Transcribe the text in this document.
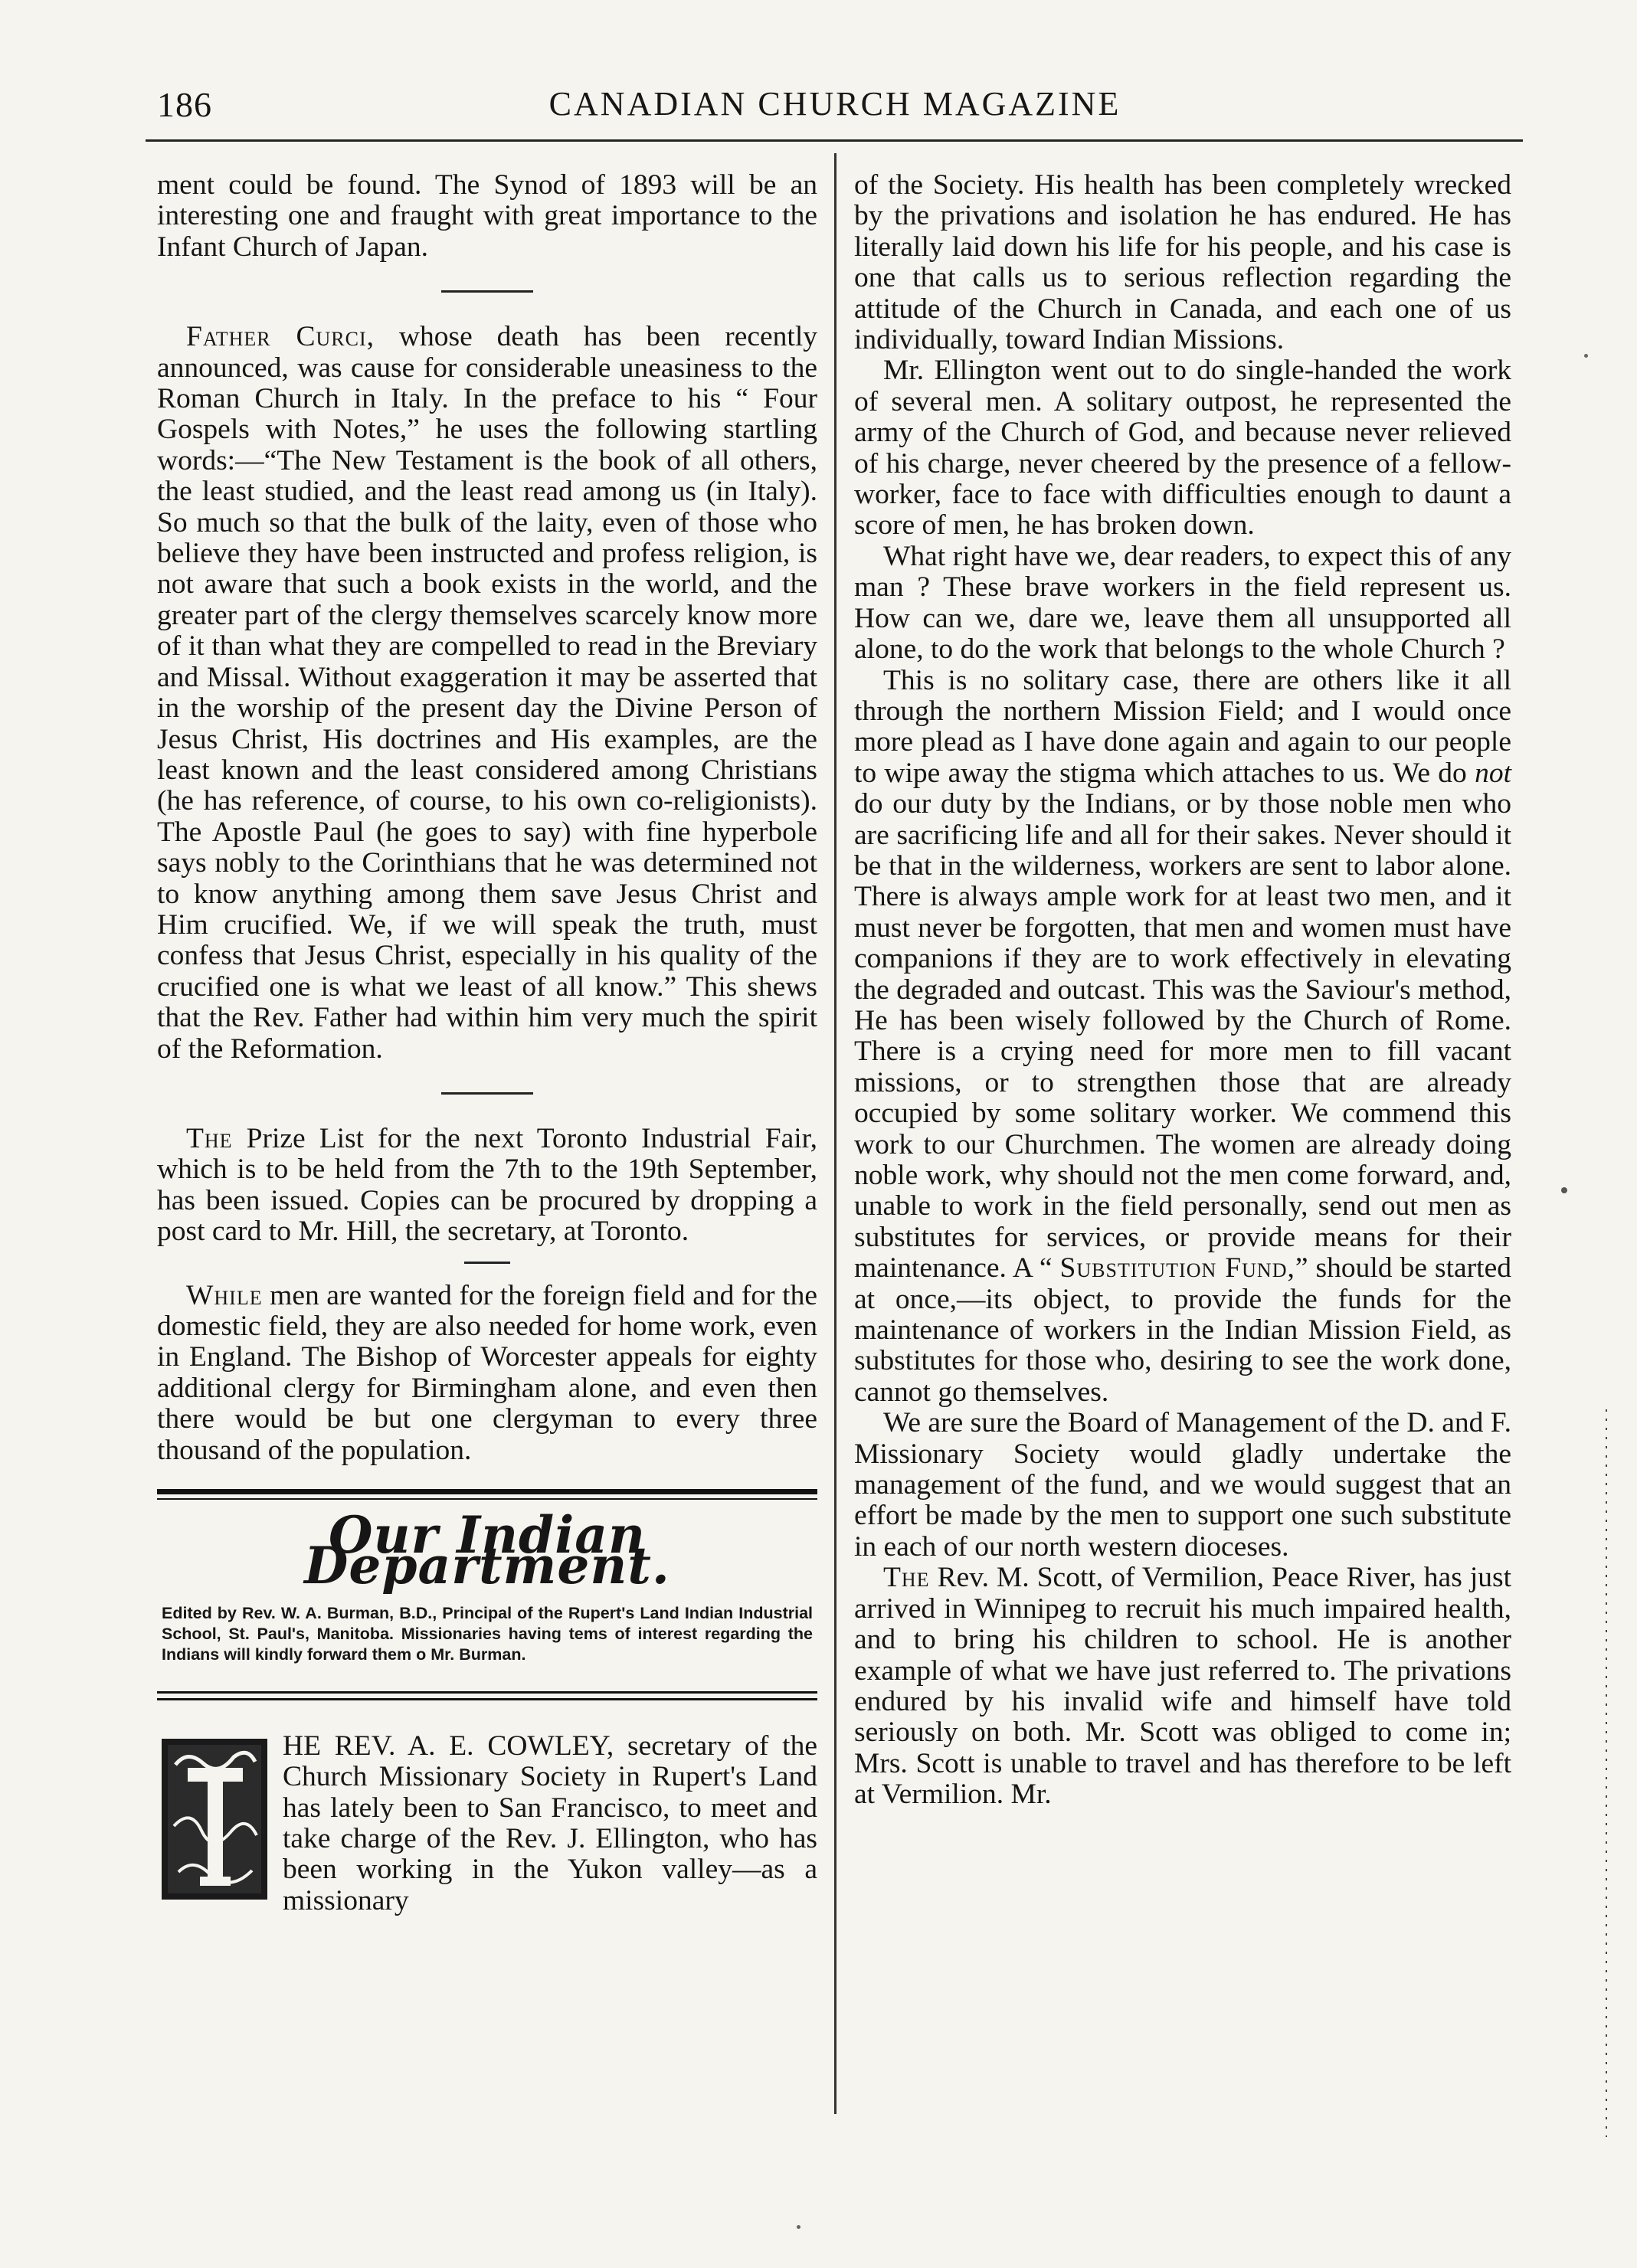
186	CANADIAN CHURCH MAGAZINE

ment could be found. The Synod of 1893 will be an interesting one and fraught with great importance to the Infant Church of Japan.

Father Curci, whose death has been recently announced, was cause for considerable uneasiness to the Roman Church in Italy. In the preface to his “ Four Gospels with Notes,” he uses the following startling words:—“The New Testament is the book of all others, the least studied, and the least read among us (in Italy). So much so that the bulk of the laity, even of those who believe they have been instructed and profess religion, is not aware that such a book exists in the world, and the greater part of the clergy themselves scarcely know more of it than what they are compelled to read in the Breviary and Missal. Without exaggeration it may be asserted that in the worship of the present day the Divine Person of Jesus Christ, His doctrines and His examples, are the least known and the least considered among Christians (he has reference, of course, to his own co-religionists). The Apostle Paul (he goes to say) with fine hyperbole says nobly to the Corinthians that he was determined not to know anything among them save Jesus Christ and Him crucified. We, if we will speak the truth, must confess that Jesus Christ, especially in his quality of the crucified one is what we least of all know.” This shews that the Rev. Father had within him very much the spirit of the Reformation.

The Prize List for the next Toronto Industrial Fair, which is to be held from the 7th to the 19th September, has been issued. Copies can be procured by dropping a post card to Mr. Hill, the secretary, at Toronto.

While men are wanted for the foreign field and for the domestic field, they are also needed for home work, even in England. The Bishop of Worcester appeals for eighty additional clergy for Birmingham alone, and even then there would be but one clergyman to every three thousand of the population.

Our Indian Department.
Edited by Rev. W. A. Burman, B.D., Principal of the Rupert's Land Indian Industrial School, St. Paul's, Manitoba. Missionaries having tems of interest regarding the Indians will kindly forward them o Mr. Burman.
HE REV. A. E. COWLEY, secretary of the Church Missionary Society in Rupert's Land has lately been to San Francisco, to meet and take charge of the Rev. J. Ellington, who has been working in the Yukon valley—as a missionary

of the Society. His health has been completely wrecked by the privations and isolation he has endured. He has literally laid down his life for his people, and his case is one that calls us to serious reflection regarding the attitude of the Church in Canada, and each one of us individually, toward Indian Missions.

Mr. Ellington went out to do single-handed the work of several men. A solitary outpost, he represented the army of the Church of God, and because never relieved of his charge, never cheered by the presence of a fellow-worker, face to face with difficulties enough to daunt a score of men, he has broken down.

What right have we, dear readers, to expect this of any man ? These brave workers in the field represent us. How can we, dare we, leave them all unsupported all alone, to do the work that belongs to the whole Church ?

This is no solitary case, there are others like it all through the northern Mission Field; and I would once more plead as I have done again and again to our people to wipe away the stigma which attaches to us. We do not do our duty by the Indians, or by those noble men who are sacrificing life and all for their sakes. Never should it be that in the wilderness, workers are sent to labor alone. There is always ample work for at least two men, and it must never be forgotten, that men and women must have companions if they are to work effectively in elevating the degraded and outcast. This was the Saviour's method, He has been wisely followed by the Church of Rome. There is a crying need for more men to fill vacant missions, or to strengthen those that are already occupied by some solitary worker. We commend this work to our Churchmen. The women are already doing noble work, why should not the men come forward, and, unable to work in the field personally, send out men as substitutes for services, or provide means for their maintenance. A “ Substitution Fund,” should be started at once,—its object, to provide the funds for the maintenance of workers in the Indian Mission Field, as substitutes for those who, desiring to see the work done, cannot go themselves.

We are sure the Board of Management of the D. and F. Missionary Society would gladly undertake the management of the fund, and we would suggest that an effort be made by the men to support one such substitute in each of our north western dioceses.

The Rev. M. Scott, of Vermilion, Peace River, has just arrived in Winnipeg to recruit his much impaired health, and to bring his children to school. He is another example of what we have just referred to. The privations endured by his invalid wife and himself have told seriously on both. Mr. Scott was obliged to come in; Mrs. Scott is unable to travel and has therefore to be left at Vermilion. Mr.
